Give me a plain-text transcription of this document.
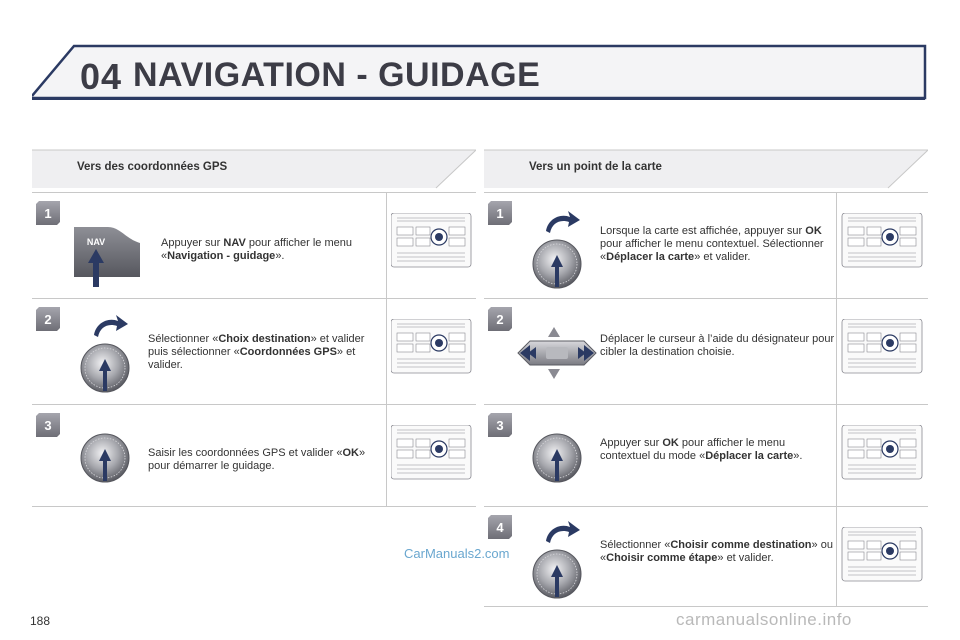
04 NAVIGATION - GUIDAGE
Vers des coordonnées GPS	Vers un point de la carte
1
NAV	Appuyer sur NAV pour afficher le menu «Navigation - guidage».
2
Sélectionner «Choix destination» et valider puis sélectionner «Coordonnées GPS» et valider.
3
Saisir les coordonnées GPS et valider «OK» pour démarrer le guidage.
1
Lorsque la carte est affichée, appuyer sur OK pour afficher le menu contextuel. Sélectionner «Déplacer la carte» et valider.
2
Déplacer le curseur à l’aide du désignateur pour cibler la destination choisie.
3
Appuyer sur OK pour afficher le menu contextuel du mode «Déplacer la carte».
4
Sélectionner «Choisir comme destination» ou «Choisir comme étape» et valider.
188
CarManuals2.com
carmanualsonline.info
